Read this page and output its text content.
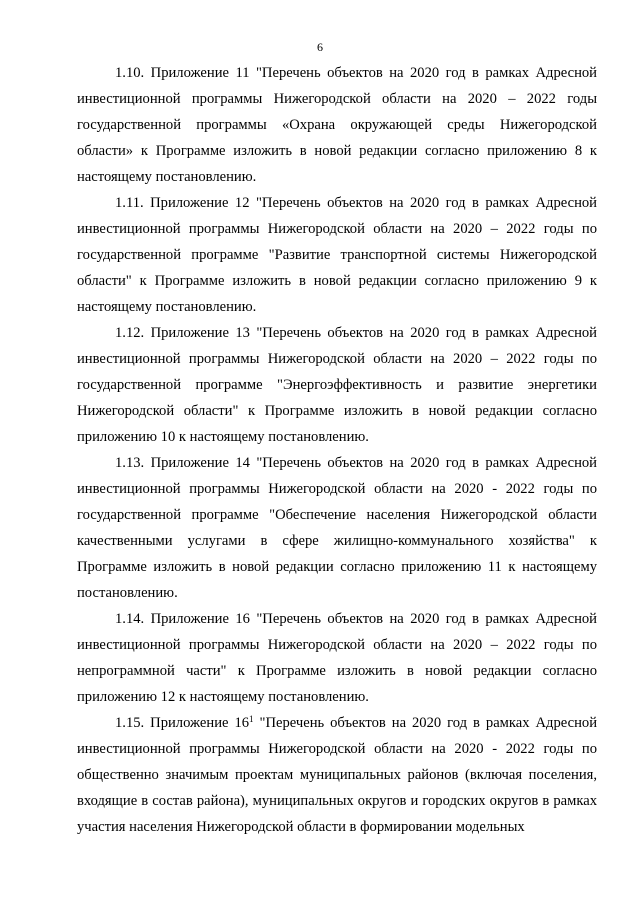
6

1.10. Приложение 11 "Перечень объектов на 2020 год в рамках Адресной инвестиционной программы Нижегородской области на 2020 – 2022 годы государственной программы «Охрана окружающей среды Нижегородской области» к Программе изложить в новой редакции согласно приложению 8 к настоящему постановлению.

1.11. Приложение 12 "Перечень объектов на 2020 год в рамках Адресной инвестиционной программы Нижегородской области на 2020 – 2022 годы по государственной программе "Развитие транспортной системы Нижегородской области" к Программе изложить в новой редакции согласно приложению 9 к настоящему постановлению.

1.12. Приложение 13 "Перечень объектов на 2020 год в рамках Адресной инвестиционной программы Нижегородской области на 2020 – 2022 годы по государственной программе "Энергоэффективность и развитие энергетики Нижегородской области" к Программе изложить в новой редакции согласно приложению 10 к настоящему постановлению.

1.13. Приложение 14 "Перечень объектов на 2020 год в рамках Адресной инвестиционной программы Нижегородской области на 2020 - 2022 годы по государственной программе "Обеспечение населения Нижегородской области качественными услугами в сфере жилищно-коммунального хозяйства" к Программе изложить в новой редакции согласно приложению 11 к настоящему постановлению.

1.14. Приложение 16 "Перечень объектов на 2020 год в рамках Адресной инвестиционной программы Нижегородской области на 2020 – 2022 годы по непрограммной части" к Программе изложить в новой редакции согласно приложению 12 к настоящему постановлению.

1.15. Приложение $16^1$ "Перечень объектов на 2020 год в рамках Адресной инвестиционной программы Нижегородской области на 2020 - 2022 годы по общественно значимым проектам муниципальных районов (включая поселения, входящие в состав района), муниципальных округов и городских округов в рамках участия населения Нижегородской области в формировании модельных
